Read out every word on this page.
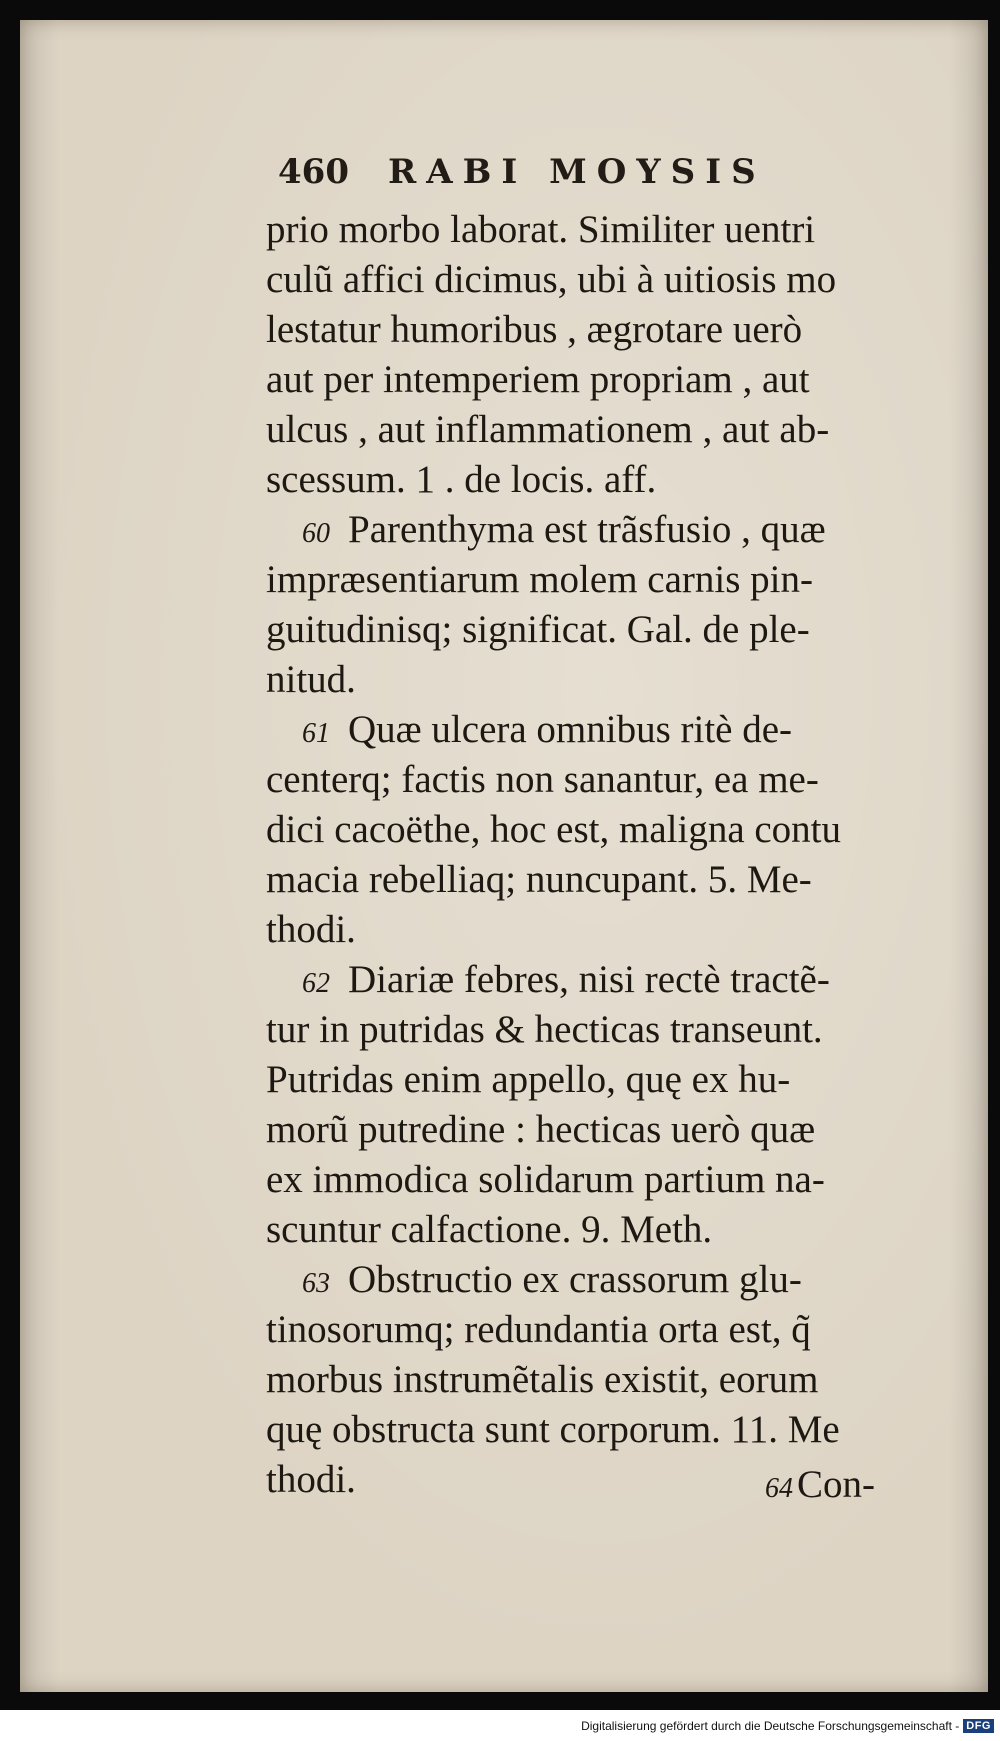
460	RABI MOYSIS
prio morbo laborat. Similiter uentri
culũ affici dicimus, ubi à uitiosis mo
lestatur humoribus , ægrotare uerò
aut per intemperiem propriam , aut
ulcus , aut inflammationem , aut ab-
scessum. 1 . de locis. aff.
60 Parenthyma est trãsfusio , quæ
impræsentiarum molem carnis pin-
guitudinisq; significat. Gal. de ple-
nitud.
61 Quæ ulcera omnibus ritè de-
centerq; factis non sanantur, ea me-
dici cacoëthe, hoc est, maligna contu
macia rebelliaq; nuncupant. 5. Me-
thodi.
62 Diariæ febres, nisi rectè tractẽ-
tur in putridas & hecticas transeunt.
Putridas enim appello, quę ex hu-
morũ putredine : hecticas uerò quæ
ex immodica solidarum partium na-
scuntur calfactione. 9. Meth.
63 Obstructio ex crassorum glu-
tinosorumq; redundantia orta est, q̃
morbus instrumẽtalis existit, eorum
quę obstructa sunt corporum. 11. Me
thodi.	64 Con-
Digitalisierung gefördert durch die Deutsche Forschungsgemeinschaft - DFG
